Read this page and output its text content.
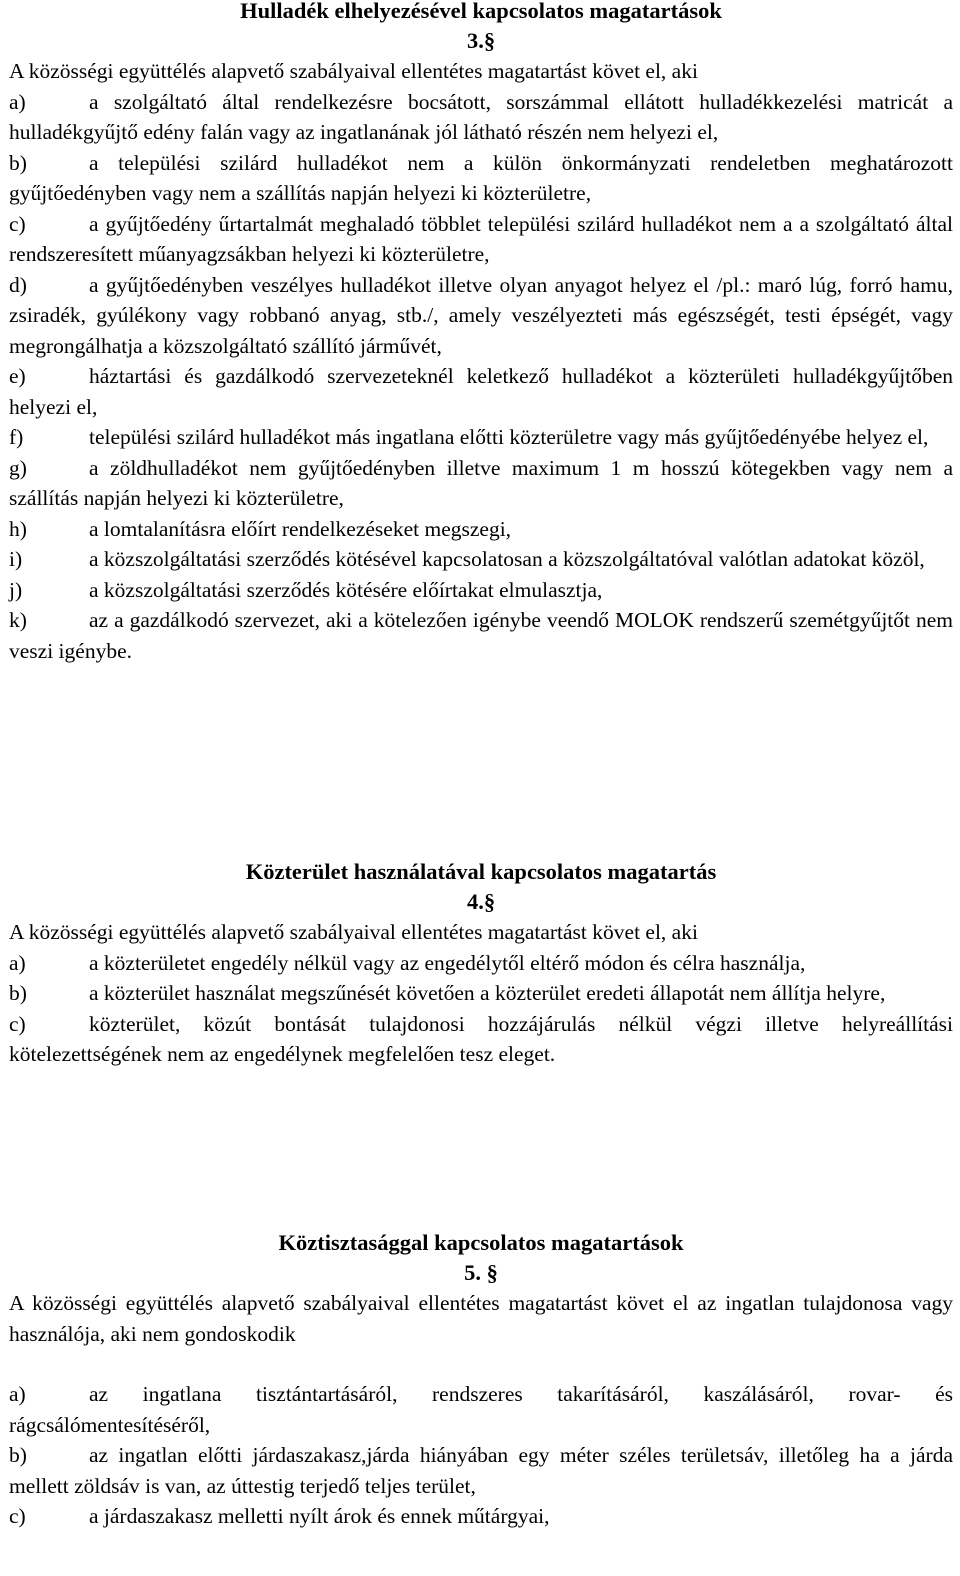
Hulladék elhelyezésével kapcsolatos magatartások
3.§

A közösségi együttélés alapvető szabályaival ellentétes magatartást követ el, aki

a)	a szolgáltató által rendelkezésre bocsátott, sorszámmal ellátott hulladékkezelési matricát a hulladékgyűjtő edény falán vagy az ingatlanának jól látható részén nem helyezi el,

b)	a települési szilárd hulladékot nem a külön önkormányzati rendeletben meghatározott gyűjtőedényben vagy nem a szállítás napján helyezi ki közterületre,

c)	a gyűjtőedény űrtartalmát meghaladó többlet települési szilárd hulladékot nem a a szolgáltató által rendszeresített műanyagzsákban helyezi ki közterületre,

d)	a gyűjtőedényben veszélyes hulladékot illetve olyan anyagot helyez el /pl.: maró lúg, forró hamu, zsiradék, gyúlékony vagy robbanó anyag, stb./, amely veszélyezteti más egészségét, testi épségét, vagy megrongálhatja a közszolgáltató szállító járművét,

e)	háztartási és gazdálkodó szervezeteknél keletkező hulladékot a közterületi hulladékgyűjtőben helyezi el,

f)	települési szilárd hulladékot más ingatlana előtti közterületre vagy más gyűjtőedényébe helyez el,

g)	a zöldhulladékot nem gyűjtőedényben illetve maximum 1 m hosszú kötegekben vagy nem a szállítás napján helyezi ki közterületre,

h)	a lomtalanításra előírt rendelkezéseket megszegi,

i)	a közszolgáltatási szerződés kötésével kapcsolatosan a közszolgáltatóval valótlan adatokat közöl,

j)	a közszolgáltatási szerződés kötésére előírtakat elmulasztja,

k)	az a gazdálkodó szervezet, aki a kötelezően igénybe veendő MOLOK rendszerű szemétgyűjtőt nem veszi igénybe.

Közterület használatával kapcsolatos magatartás
4.§

A közösségi együttélés alapvető szabályaival ellentétes magatartást követ el, aki

a)	a közterületet engedély nélkül vagy az engedélytől eltérő módon és célra használja,

b)	a közterület használat megszűnését követően a közterület eredeti állapotát nem állítja helyre,

c)	közterület, közút bontását tulajdonosi hozzájárulás nélkül végzi illetve helyreállítási kötelezettségének nem az engedélynek megfelelően tesz eleget.

Köztisztasággal kapcsolatos magatartások
5. §

A közösségi együttélés alapvető szabályaival ellentétes magatartást követ el az ingatlan tulajdonosa vagy használója, aki nem gondoskodik

a)	az ingatlana tisztántartásáról, rendszeres takarításáról, kaszálásáról, rovar- és rágcsálómentesítéséről,

b)	az ingatlan előtti járdaszakasz,járda hiányában egy méter széles területsáv, illetőleg ha a járda mellett zöldsáv is van, az úttestig terjedő teljes terület,

c)	a járdaszakasz melletti nyílt árok és ennek műtárgyai,
